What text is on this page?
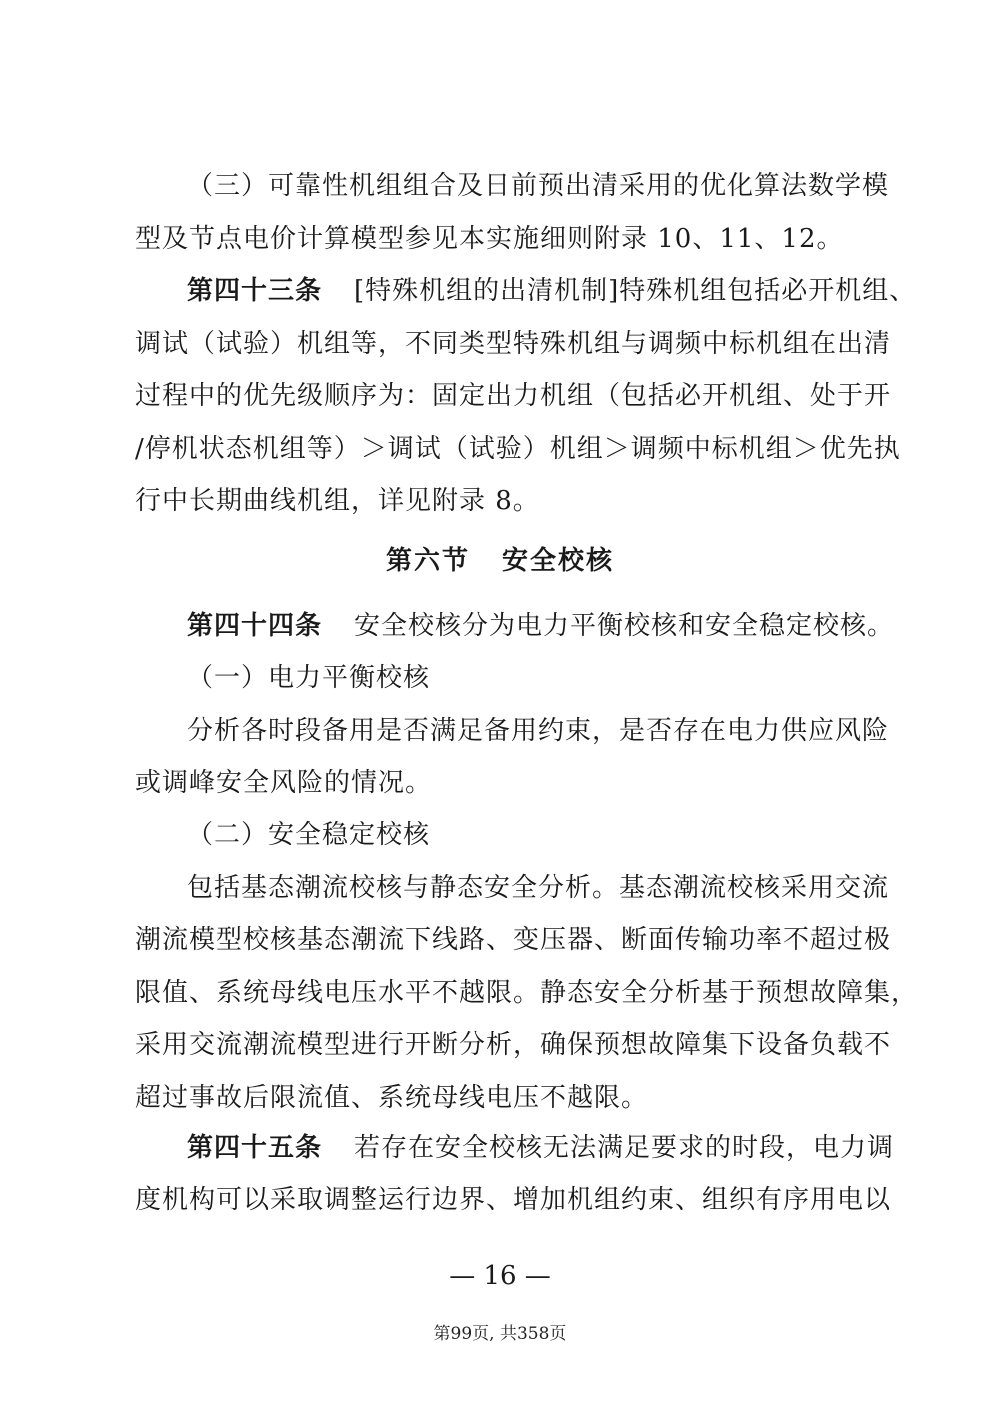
（三）可靠性机组组合及日前预出清采用的优化算法数学模
型及节点电价计算模型参见本实施细则附录 10、11、12。
第四十三条 [特殊机组的出清机制]特殊机组包括必开机组、
调试（试验）机组等，不同类型特殊机组与调频中标机组在出清
过程中的优先级顺序为：固定出力机组（包括必开机组、处于开
/停机状态机组等）＞调试（试验）机组＞调频中标机组＞优先执
行中长期曲线机组，详见附录 8。
第六节 安全校核
第四十四条 安全校核分为电力平衡校核和安全稳定校核。
（一）电力平衡校核
分析各时段备用是否满足备用约束，是否存在电力供应风险
或调峰安全风险的情况。
（二）安全稳定校核
包括基态潮流校核与静态安全分析。基态潮流校核采用交流
潮流模型校核基态潮流下线路、变压器、断面传输功率不超过极
限值、系统母线电压水平不越限。静态安全分析基于预想故障集，
采用交流潮流模型进行开断分析，确保预想故障集下设备负载不
超过事故后限流值、系统母线电压不越限。
第四十五条 若存在安全校核无法满足要求的时段，电力调
度机构可以采取调整运行边界、增加机组约束、组织有序用电以
— 16 —
第99页, 共358页
